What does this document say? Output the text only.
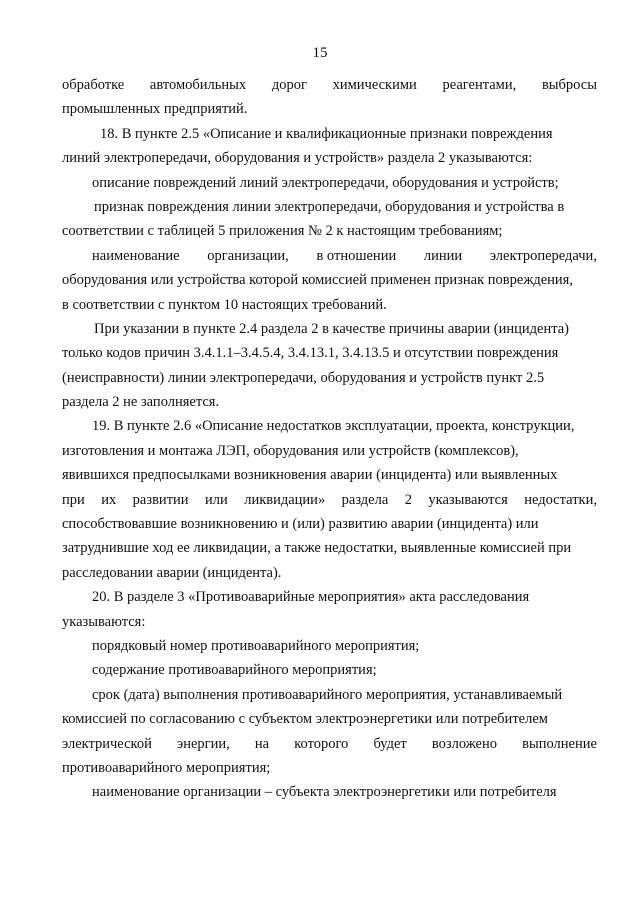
15
обработке автомобильных дорог химическими реагентами, выбросы
промышленных предприятий.
18. В пункте 2.5 «Описание и квалификационные признаки повреждения
линий электропередачи, оборудования и устройств» раздела 2 указываются:
описание повреждений линий электропередачи, оборудования и устройств;
признак повреждения линии электропередачи, оборудования и устройства в
соответствии с таблицей 5 приложения № 2 к настоящим требованиям;
наименование организации, в отношении линии электропередачи,
оборудования или устройства которой комиссией применен признак повреждения,
в соответствии с пунктом 10 настоящих требований.
При указании в пункте 2.4 раздела 2 в качестве причины аварии (инцидента)
только кодов причин 3.4.1.1–3.4.5.4, 3.4.13.1, 3.4.13.5 и отсутствии повреждения
(неисправности) линии электропередачи, оборудования и устройств пункт 2.5
раздела 2 не заполняется.
19. В пункте 2.6 «Описание недостатков эксплуатации, проекта, конструкции,
изготовления и монтажа ЛЭП, оборудования или устройств (комплексов),
явившихся предпосылками возникновения аварии (инцидента) или выявленных
при их развитии или ликвидации» раздела 2 указываются недостатки,
способствовавшие возникновению и (или) развитию аварии (инцидента) или
затруднившие ход ее ликвидации, а также недостатки, выявленные комиссией при
расследовании аварии (инцидента).
20. В разделе 3 «Противоаварийные мероприятия» акта расследования
указываются:
порядковый номер противоаварийного мероприятия;
содержание противоаварийного мероприятия;
срок (дата) выполнения противоаварийного мероприятия, устанавливаемый
комиссией по согласованию с субъектом электроэнергетики или потребителем
электрической энергии, на которого будет возложено выполнение
противоаварийного мероприятия;
наименование организации – субъекта электроэнергетики или потребителя
